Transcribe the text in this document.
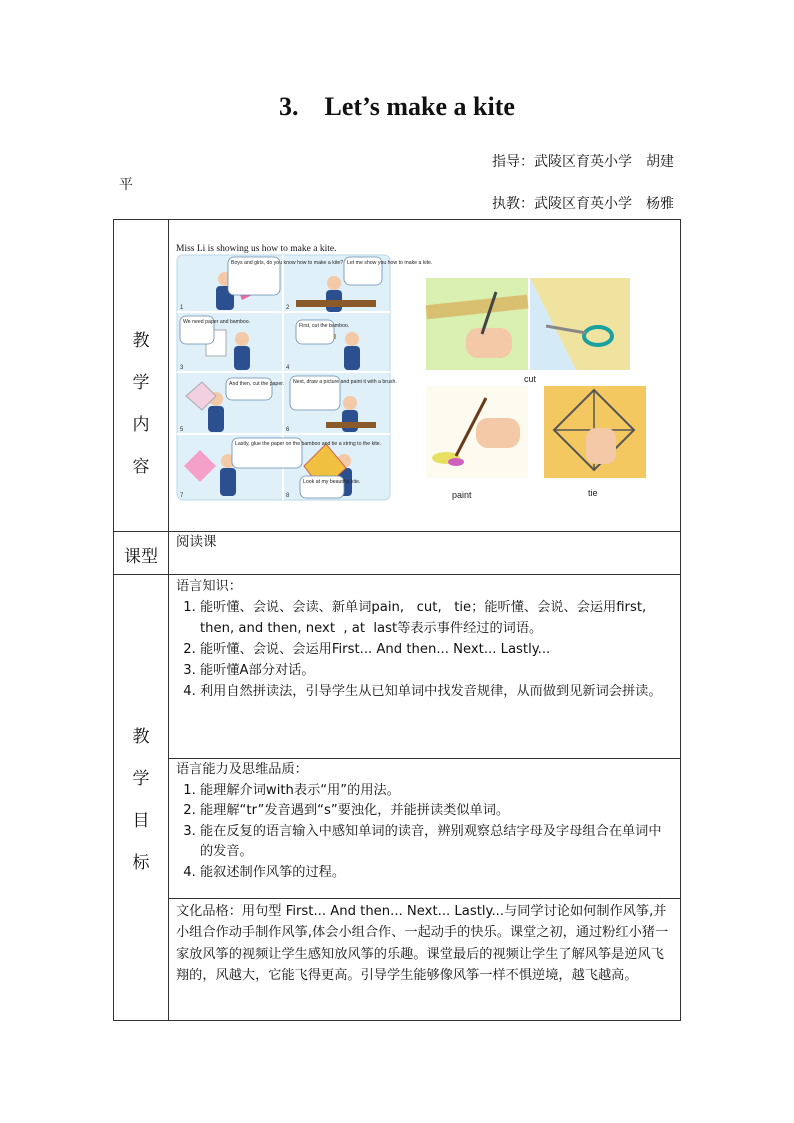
3.    Let’s make a kite
指导：武陵区育英小学　胡建
平
执教：武陵区育英小学　杨雅
教
学
内
容
Miss Li is showing us how to make a kite.
Boys and girls, do you know how to make a kite? Let me show you how to make a kite.
We need paper and bamboo.
First, cut the bamboo.
And then, cut the paper. Next, draw a picture and paint it with a brush.
Lastly, glue the paper on the bamboo and tie a string to the kite.
Look at my beautiful kite.
1	2
3	4
5	6
7	8
cut
paint	tie
课型
阅读课
教
学
目
标

语言知识：

1. 能听懂、会说、会读、新单词pain,   cut,   tie；能听懂、会说、会运用first, then, and then, next  , at  last等表示事件经过的词语。
2. 能听懂、会说、会运用First... And then... Next... Lastly...
3. 能听懂A部分对话。
4. 利用自然拼读法，引导学生从已知单词中找发音规律，从而做到见新词会拼读。

语言能力及思维品质：

1. 能理解介词with表示“用”的用法。
2. 能理解“tr”发音遇到“s”要浊化，并能拼读类似单词。
3. 能在反复的语言输入中感知单词的读音，辨别观察总结字母及字母组合在单词中的发音。
4. 能叙述制作风筝的过程。
文化品格：用句型 First... And then... Next... Lastly...与同学讨论如何制作风筝,并小组合作动手制作风筝,体会小组合作、一起动手的快乐。课堂之初，通过粉红小猪一家放风筝的视频让学生感知放风筝的乐趣。课堂最后的视频让学生了解风筝是逆风飞翔的，风越大，它能飞得更高。引导学生能够像风筝一样不惧逆境，越飞越高。
